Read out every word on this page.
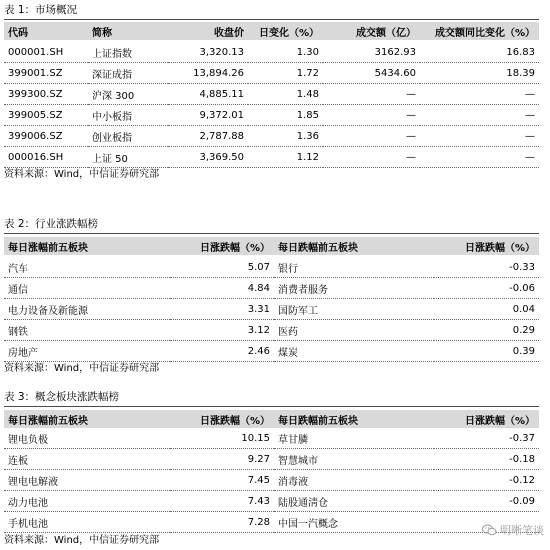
表 1：市场概况
代码	简称	收盘价	日变化（%）	成交额（亿）	成交额同比变化（%）
000001.SH	上证指数	3,320.13	1.30	3162.93	16.83
399001.SZ	深证成指	13,894.26	1.72	5434.60	18.39
399300.SZ	沪深 300	4,885.11	1.48	—	—
399005.SZ	中小板指	9,372.01	1.85	—	—
399006.SZ	创业板指	2,787.88	1.36	—	—
000016.SH	上证 50	3,369.50	1.12	—	—
资料来源：Wind，中信证券研究部
表 2：行业涨跌幅榜
每日涨幅前五板块	日涨跌幅（%） 每日跌幅前五板块	日涨跌幅（%）
汽车	5.07 银行	-0.33
通信	4.84 消费者服务	-0.06
电力设备及新能源	3.31 国防军工	0.04
钢铁	3.12 医药	0.29
房地产	2.46 煤炭	0.39
资料来源：Wind，中信证券研究部
表 3：概念板块涨跌幅榜
每日涨幅前五板块	日涨跌幅（%） 每日跌幅前五板块	日涨跌幅（%）
锂电负极	10.15 草甘膦	-0.37
连板	9.27 智慧城市	-0.18
锂电电解液	7.45 消毒液	-0.12
动力电池	7.43 陆股通淸仓	-0.09
手机电池	7.28 中国一汽概念
资料来源：Wind，中信证券研究部
明晰笔谈
